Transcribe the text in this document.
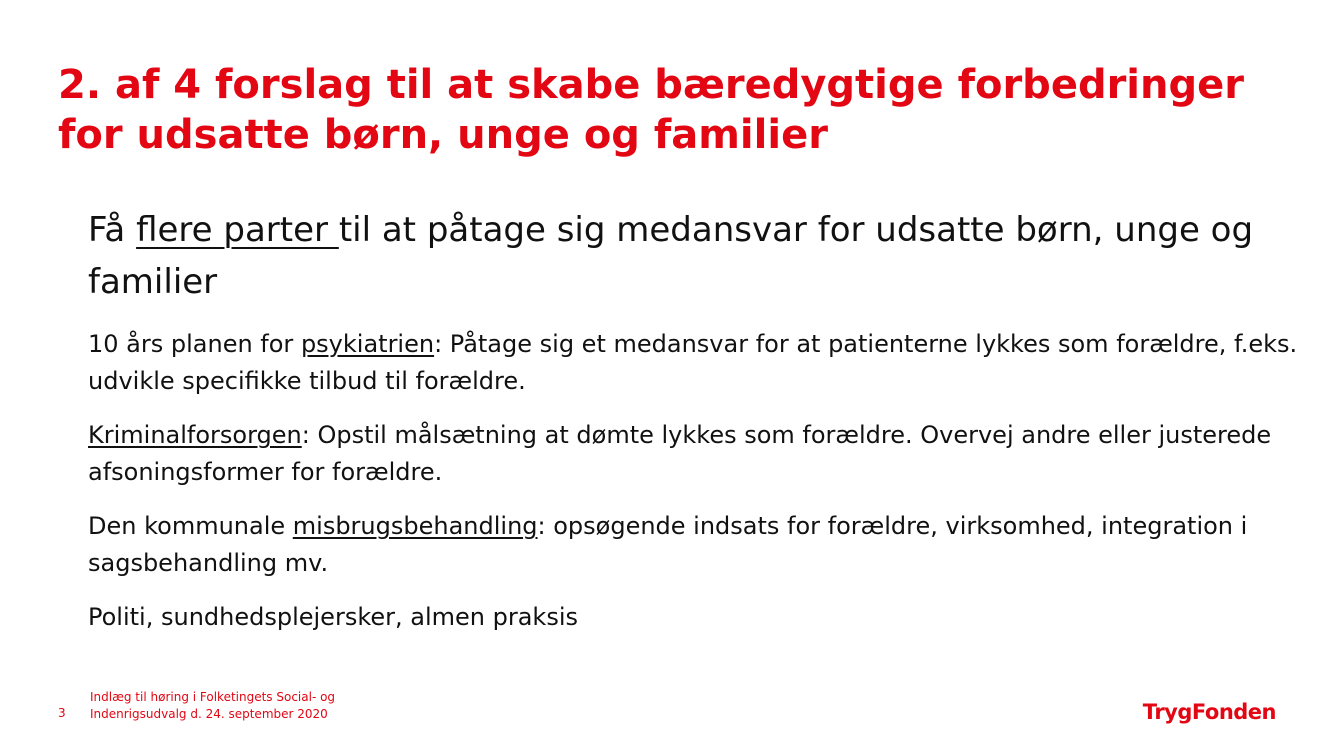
2. af 4 forslag til at skabe bæredygtige forbedringer for udsatte børn, unge og familier

Få flere parter til at påtage sig medansvar for udsatte børn, unge og familier

10 års planen for psykiatrien: Påtage sig et medansvar for at patienterne lykkes som forældre, f.eks. udvikle specifikke tilbud til forældre.
Kriminalforsorgen: Opstil målsætning at dømte lykkes som forældre. Overvej andre eller justerede afsoningsformer for forældre.
Den kommunale misbrugsbehandling: opsøgende indsats for forældre, virksomhed, integration i sagsbehandling mv.
Politi, sundhedsplejersker, almen praksis
3
Indlæg til høring i Folketingets Social- og
Indenrigsudvalg d. 24. september 2020	TrygFonden
